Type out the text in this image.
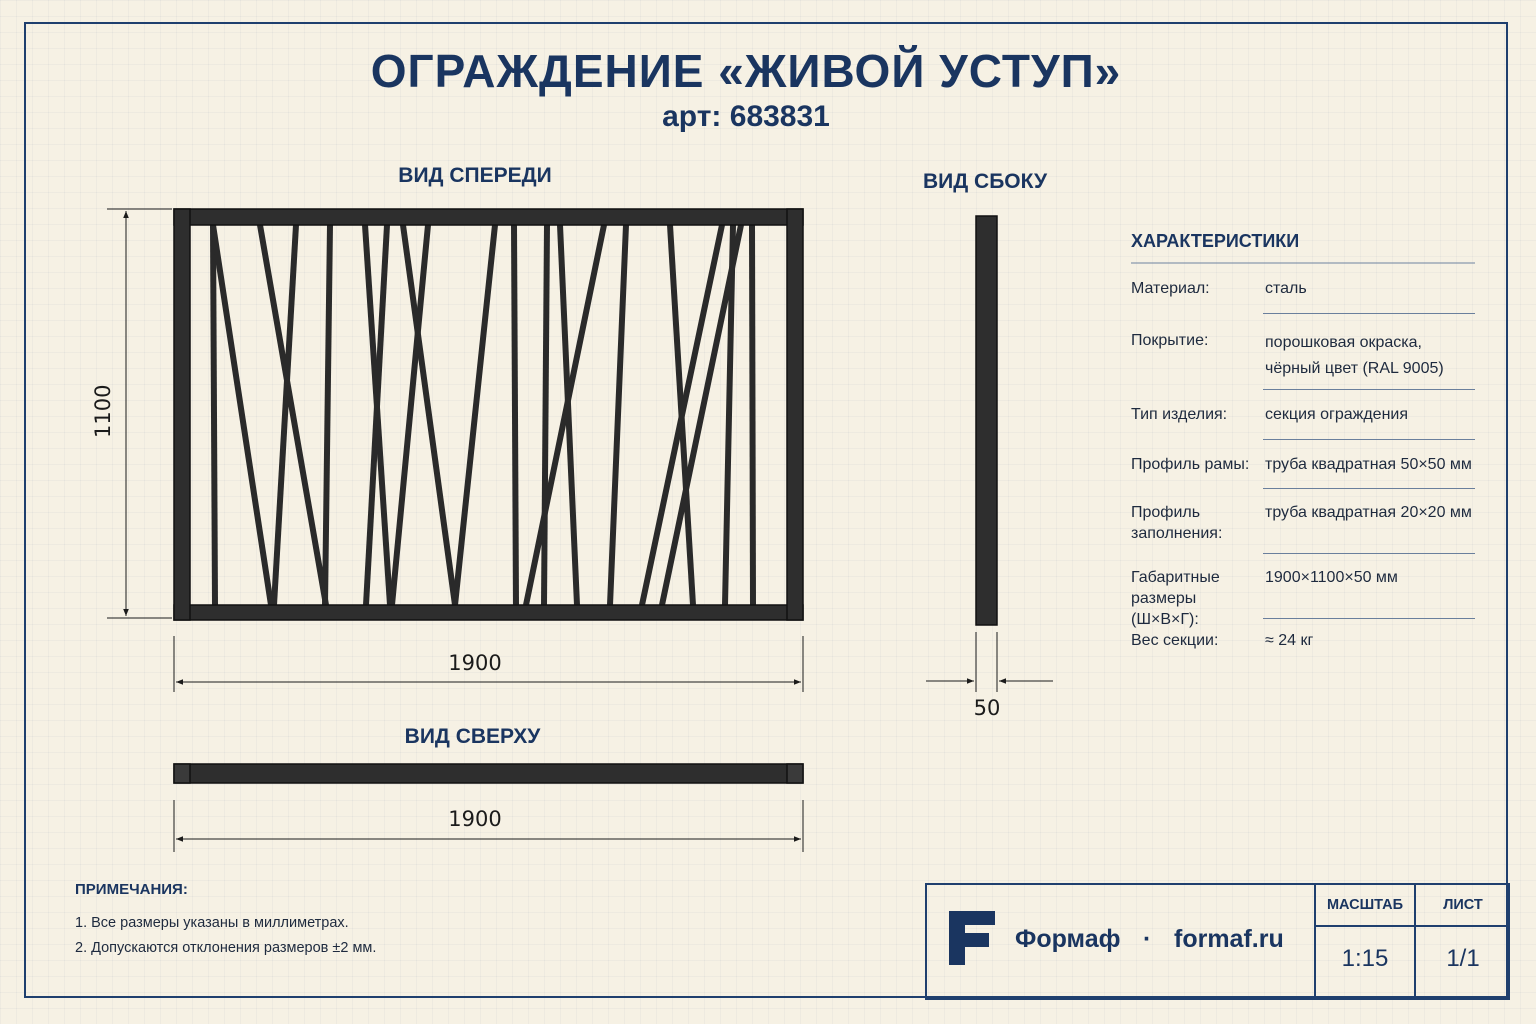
ОГРАЖДЕНИЕ «ЖИВОЙ УСТУП»
арт: 683831
ВИД СПЕРЕДИ	ВИД СБОКУ
ВИД СВЕРХУ
1100
1900
50
1900
ХАРАКТЕРИСТИКИ
Материал:	сталь
Покрытие:	порошковая окраска, чёрный цвет (RAL 9005)
Тип изделия: секция ограждения
Профиль рамы: труба квадратная 50×50 мм
Профиль заполнения:
труба квадратная 20×20 мм
Габаритные размеры (Ш×В×Г):
1900×1100×50 мм
Вес секции:	≈ 24 кг
ПРИМЕЧАНИЯ:
1. Все размеры указаны в миллиметрах.
2. Допускаются отклонения размеров ±2 мм.	Формаф · formaf.ru
МАСШТАБ	ЛИСТ
1:15	1/1
